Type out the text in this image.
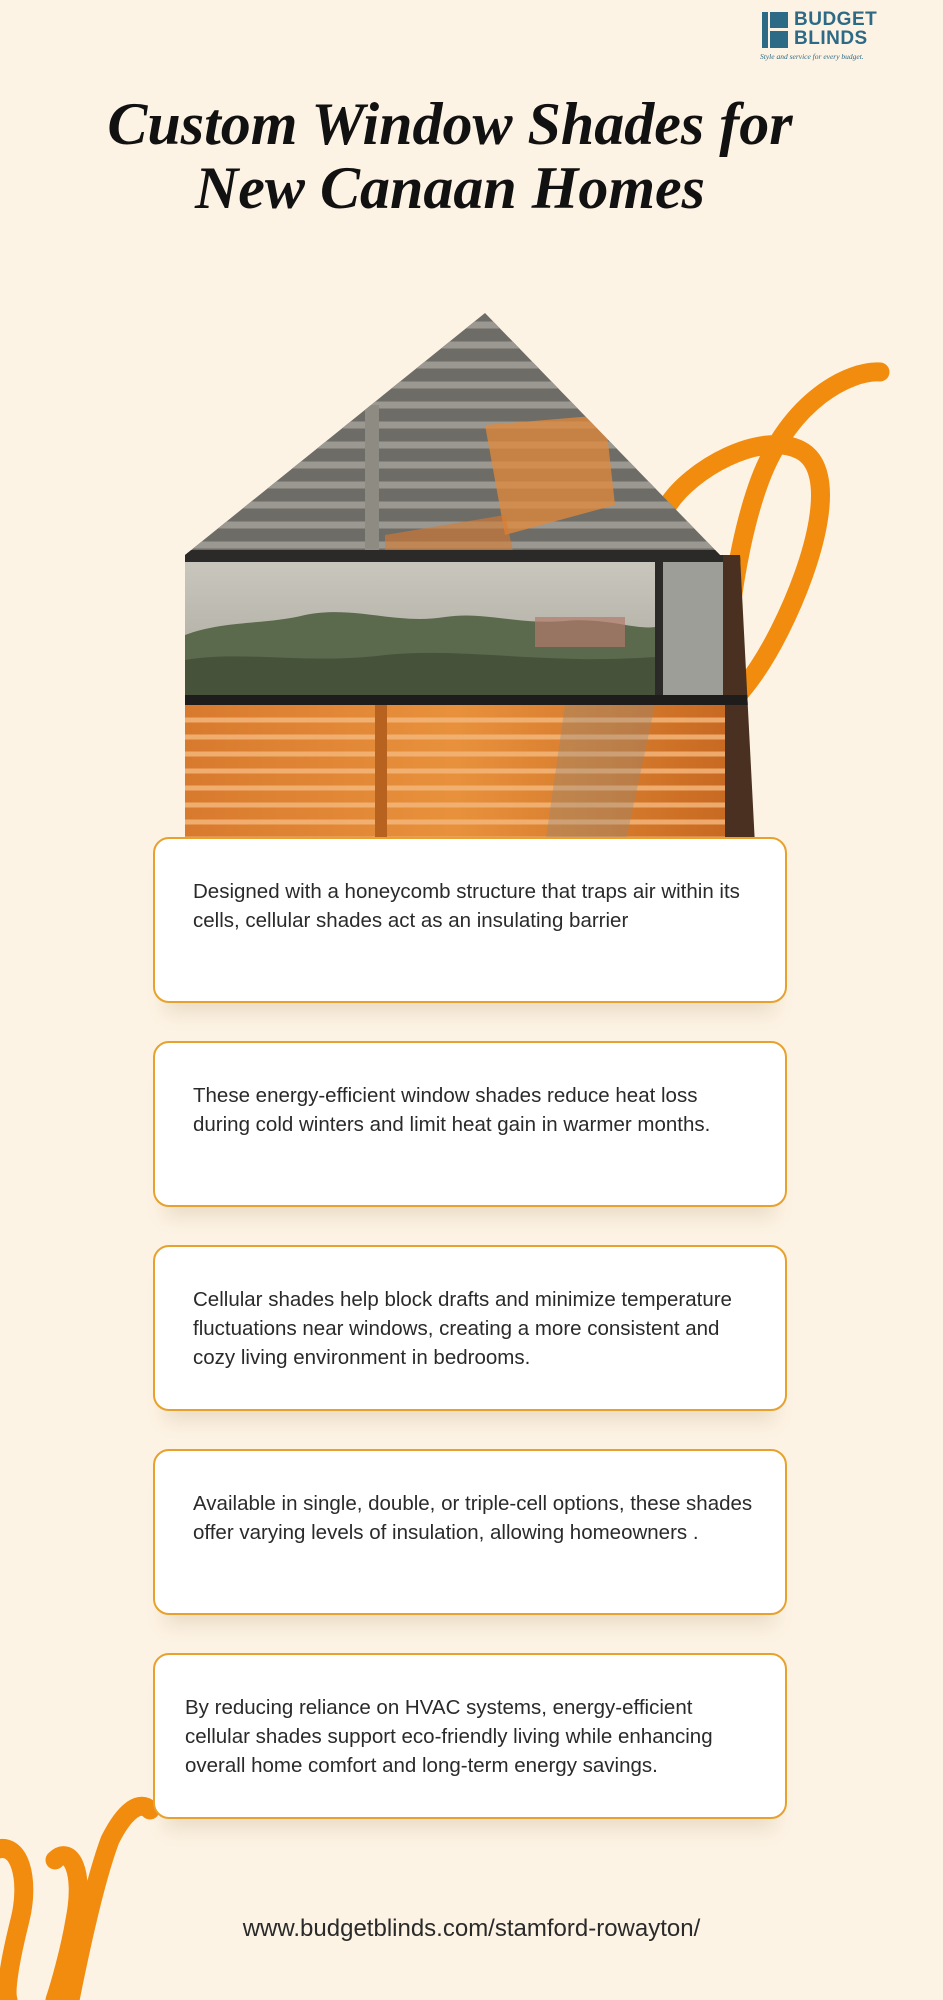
BUDGET
BLINDS
Style and service for every budget.
Custom Window Shades for
New Canaan Homes

Designed with a honeycomb structure that traps air within its cells, cellular shades act as an insulating barrier

These energy-efficient window shades reduce heat loss during cold winters and limit heat gain in warmer months.

Cellular shades help block drafts and minimize temperature fluctuations near windows, creating a more consistent and cozy living environment in bedrooms.

Available in single, double, or triple-cell options, these shades offer varying levels of insulation, allowing homeowners .

By reducing reliance on HVAC systems, energy-efficient cellular shades support eco-friendly living while enhancing overall home comfort and long-term energy savings.

www.budgetblinds.com/stamford-rowayton/
